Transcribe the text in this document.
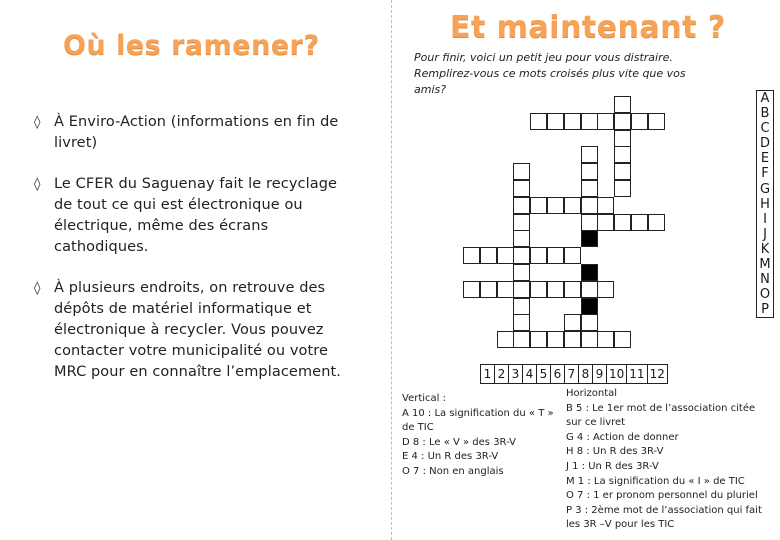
Où les ramener?
◊ À Enviro-Action (informations en fin de livret)
◊ Le CFER du Saguenay fait le recyclage de tout ce qui est électronique ou électrique, même des écrans cathodiques.
◊ À plusieurs endroits, on retrouve des dépôts de matériel informatique et électronique à recycler. Vous pouvez contacter votre municipalité ou votre MRC pour en connaître l’emplacement.
Et maintenant ?
Pour finir, voici un petit jeu pour vous distraire. Remplirez-vous ce mots croisés plus vite que vos amis?
A
B
C
D
E
F
G
H
I
J
K
M
N
O
P
1 2 3 4 5 6 7 8 9 10 11 12
Vertical :
A 10 : La signification du « T » de TIC
D 8 : Le « V » des 3R-V
E 4 : Un R des 3R-V
O 7 : Non en anglais
Horizontal
B 5 : Le 1er mot de l’association citée sur ce livret
G 4 : Action de donner
H 8 : Un R des 3R-V
J 1 : Un R des 3R-V
M 1 : La signification du « I » de TIC
O 7 : 1 er pronom personnel du pluriel
P 3 : 2ème mot de l’association qui fait les 3R –V pour les TIC
